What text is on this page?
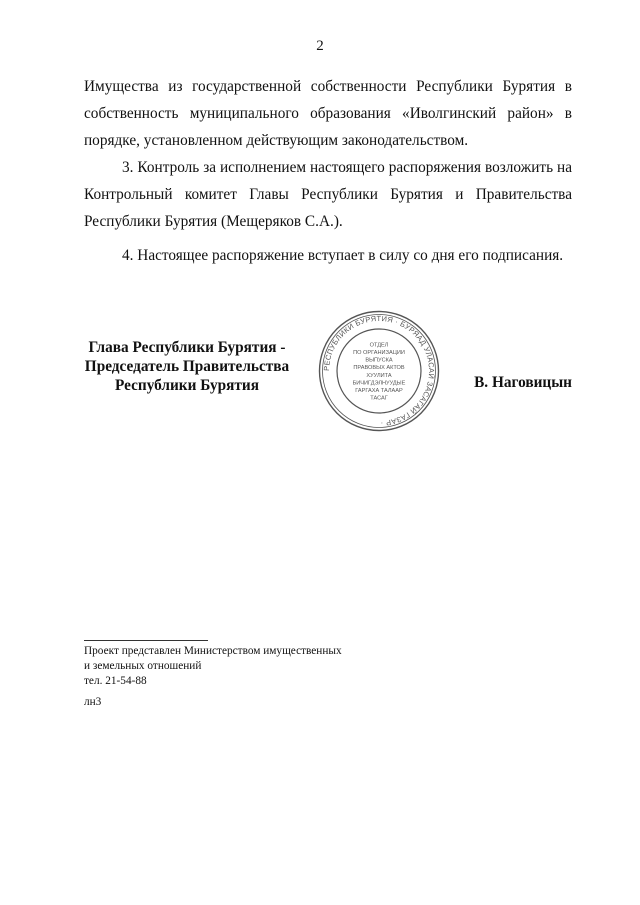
2

Имущества из государственной собственности Республики Бурятия в собственность муниципального образования «Иволгинский район» в порядке, установленном действующим законодательством.

3. Контроль за исполнением настоящего распоряжения возложить на Контрольный комитет Главы Республики Бурятия и Правительства Республики Бурятия (Мещеряков С.А.).

4. Настоящее распоряжение вступает в силу со дня его подписания.

Глава Республики Бурятия -
Председатель Правительства
Республики Бурятия
РЕСПУБЛИКИ БУРЯТИЯ · БУРЯАД УЛАСАЙ ЗАСАГАЙ ГАЗАР ·
ОТДЕЛ
ПО ОРГАНИЗАЦИИ
ВЫПУСКА
ПРАВОВЫХ АКТОВ
ХУУЛИТА
БИЧИГДЭЛНУУДЫЕ
ГАРГАХА ТАЛААР
ТАСАГ
В. Наговицын
Проект представлен Министерством имущественных
и земельных отношений
тел. 21-54-88
лн3
